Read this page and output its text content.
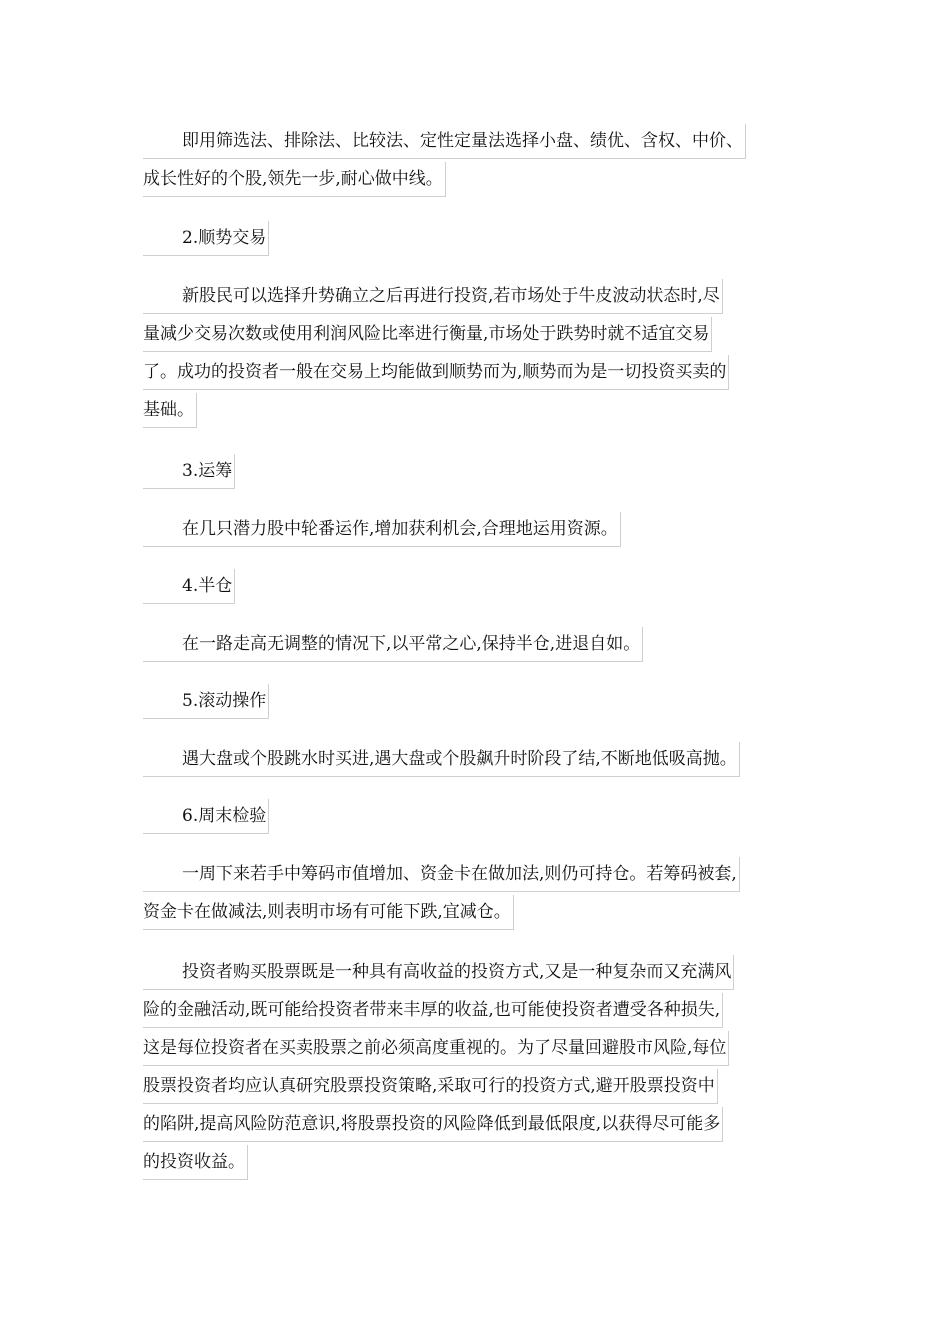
即用筛选法、排除法、比较法、定性定量法选择小盘、绩优、含权、中价、
成长性好的个股,领先一步,耐心做中线。
2.顺势交易
新股民可以选择升势确立之后再进行投资,若市场处于牛皮波动状态时,尽
量减少交易次数或使用利润风险比率进行衡量,市场处于跌势时就不适宜交易
了。成功的投资者一般在交易上均能做到顺势而为,顺势而为是一切投资买卖的
基础。
3.运筹
在几只潜力股中轮番运作,增加获利机会,合理地运用资源。
4.半仓
在一路走高无调整的情况下,以平常之心,保持半仓,进退自如。
5.滚动操作
遇大盘或个股跳水时买进,遇大盘或个股飙升时阶段了结,不断地低吸高抛。
6.周末检验
一周下来若手中筹码市值增加、资金卡在做加法,则仍可持仓。若筹码被套,
资金卡在做减法,则表明市场有可能下跌,宜减仓。
投资者购买股票既是一种具有高收益的投资方式,又是一种复杂而又充满风
险的金融活动,既可能给投资者带来丰厚的收益,也可能使投资者遭受各种损失,
这是每位投资者在买卖股票之前必须高度重视的。为了尽量回避股市风险,每位
股票投资者均应认真研究股票投资策略,采取可行的投资方式,避开股票投资中
的陷阱,提高风险防范意识,将股票投资的风险降低到最低限度,以获得尽可能多
的投资收益。
